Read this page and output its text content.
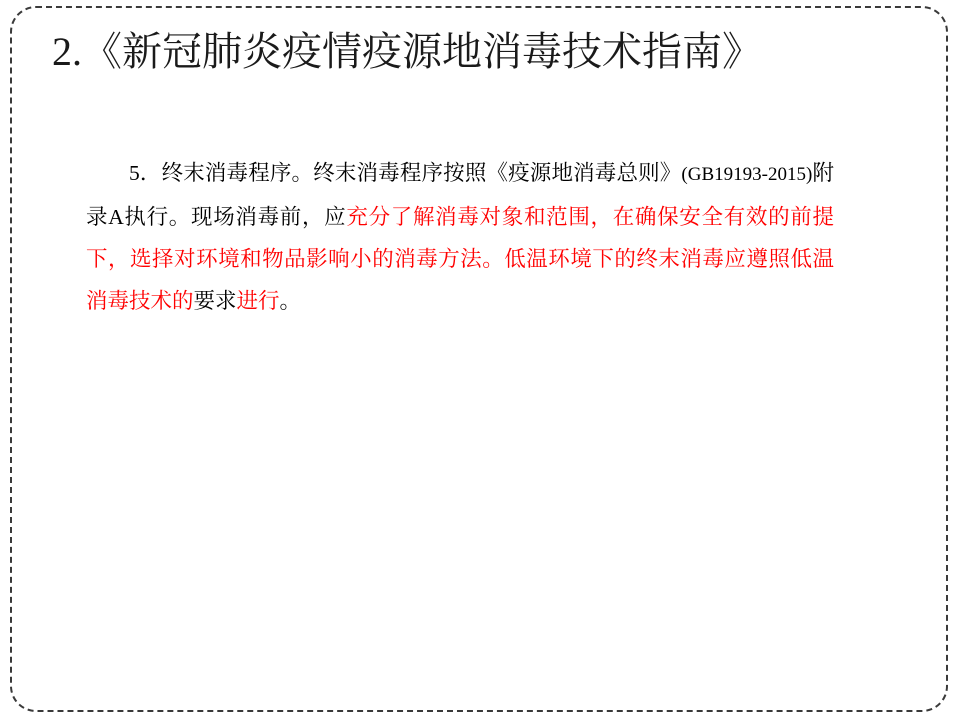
2.《新冠肺炎疫情疫源地消毒技术指南》

5．终末消毒程序。终末消毒程序按照《疫源地消毒总则》(GB19193-2015)附录A执行。现场消毒前，应充分了解消毒对象和范围，在确保安全有效的前提下，选择对环境和物品影响小的消毒方法。低温环境下的终末消毒应遵照低温消毒技术的要求进行。
